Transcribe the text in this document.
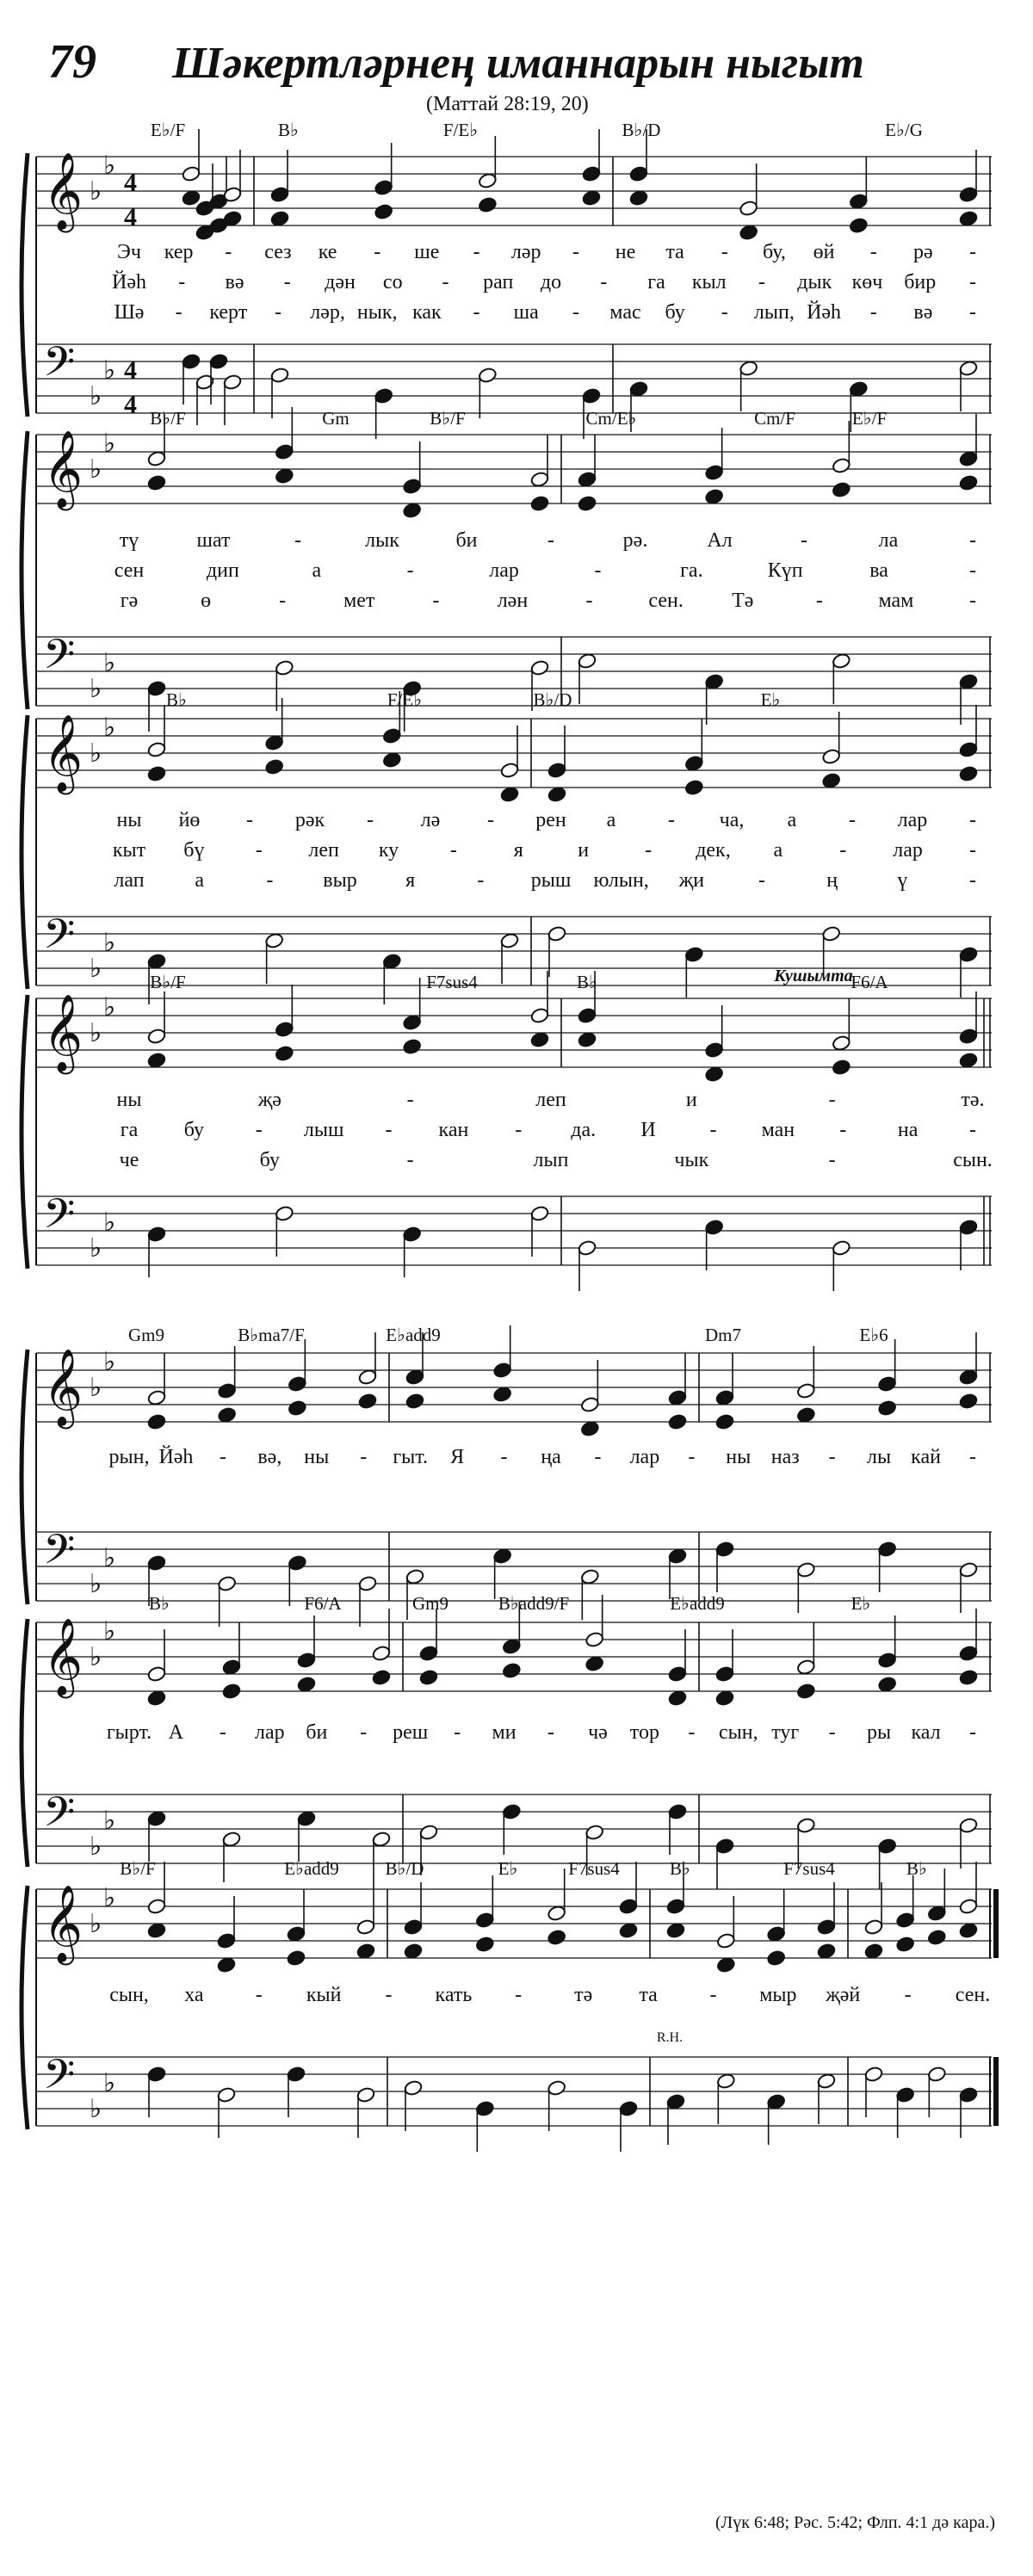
79 Шәкертләрнең иманнарын ныгыт
(Маттай 28:19, 20)
𝄞
𝄢
♭
♭
♭
♭
4
4
4
4
E♭/F	B♭	F/E♭	B♭/D	E♭/G
Эч кер - сез ке - ше - ләр - не та - бу, өй - рә -
Йәһ - вә - дән со - рап до - га кыл - дык көч бир -
Шә - керт - ләр, нык, как - ша - мас бу - лып, Йәһ - вә -
𝄞
𝄢
♭
♭
♭
♭
B♭/F	Gm	B♭/F	Cm/E♭	Cm/F	E♭/F
тү	шат	-	лык	би	-	рә.	Ал	-	ла	-
сен	дип	а	-	лар	-	га.	Күп	ва	-
гә	ө	-	мет	-	лән	-	сен. Тә	-	мам	-
𝄞
𝄢
♭
♭
♭
♭
B♭	F/E♭	B♭/D	E♭
ны йө - рәк - лә - рен а	- ча, а	- лар -
кыт бү - леп ку -	я	и	- дек, а	- лар -
лап а	- выр я	- рыш юлын, җи	-	ң	ү	-
𝄞
𝄢
♭
♭
♭
♭
B♭/F	F7sus4	B♭	F6/A
Кушымта
ны	җә	-	леп	и	-	тә.
га бу - лыш - кан - да. И	- ман - на -
че	бу	-	лып	чык	-	сын.
𝄞
𝄢
♭
♭
♭
♭
Gm9	B♭ma7/F	E♭add9	Dm7	E♭6
рын, Йәһ - вә, ны - гыт. Я - ңа - лар - ны наз - лы кай -
𝄞
𝄢
♭
♭
♭
♭
B♭	F6/A	Gm9	B♭add9/F	E♭add9	E♭
гырт. А - лар би - реш - ми - чә тор - сын, туг - ры кал -
𝄞
𝄢
♭
♭
♭
♭
B♭/F	E♭add9	B♭/D	E♭	F7sus4	B♭	F7sus4	B♭
R.H.
сын, ха	- кый - кать -	тә та	- мыр җәй - сен.
(Лүк 6:48; Рәс. 5:42; Флп. 4:1 дә кара.)
